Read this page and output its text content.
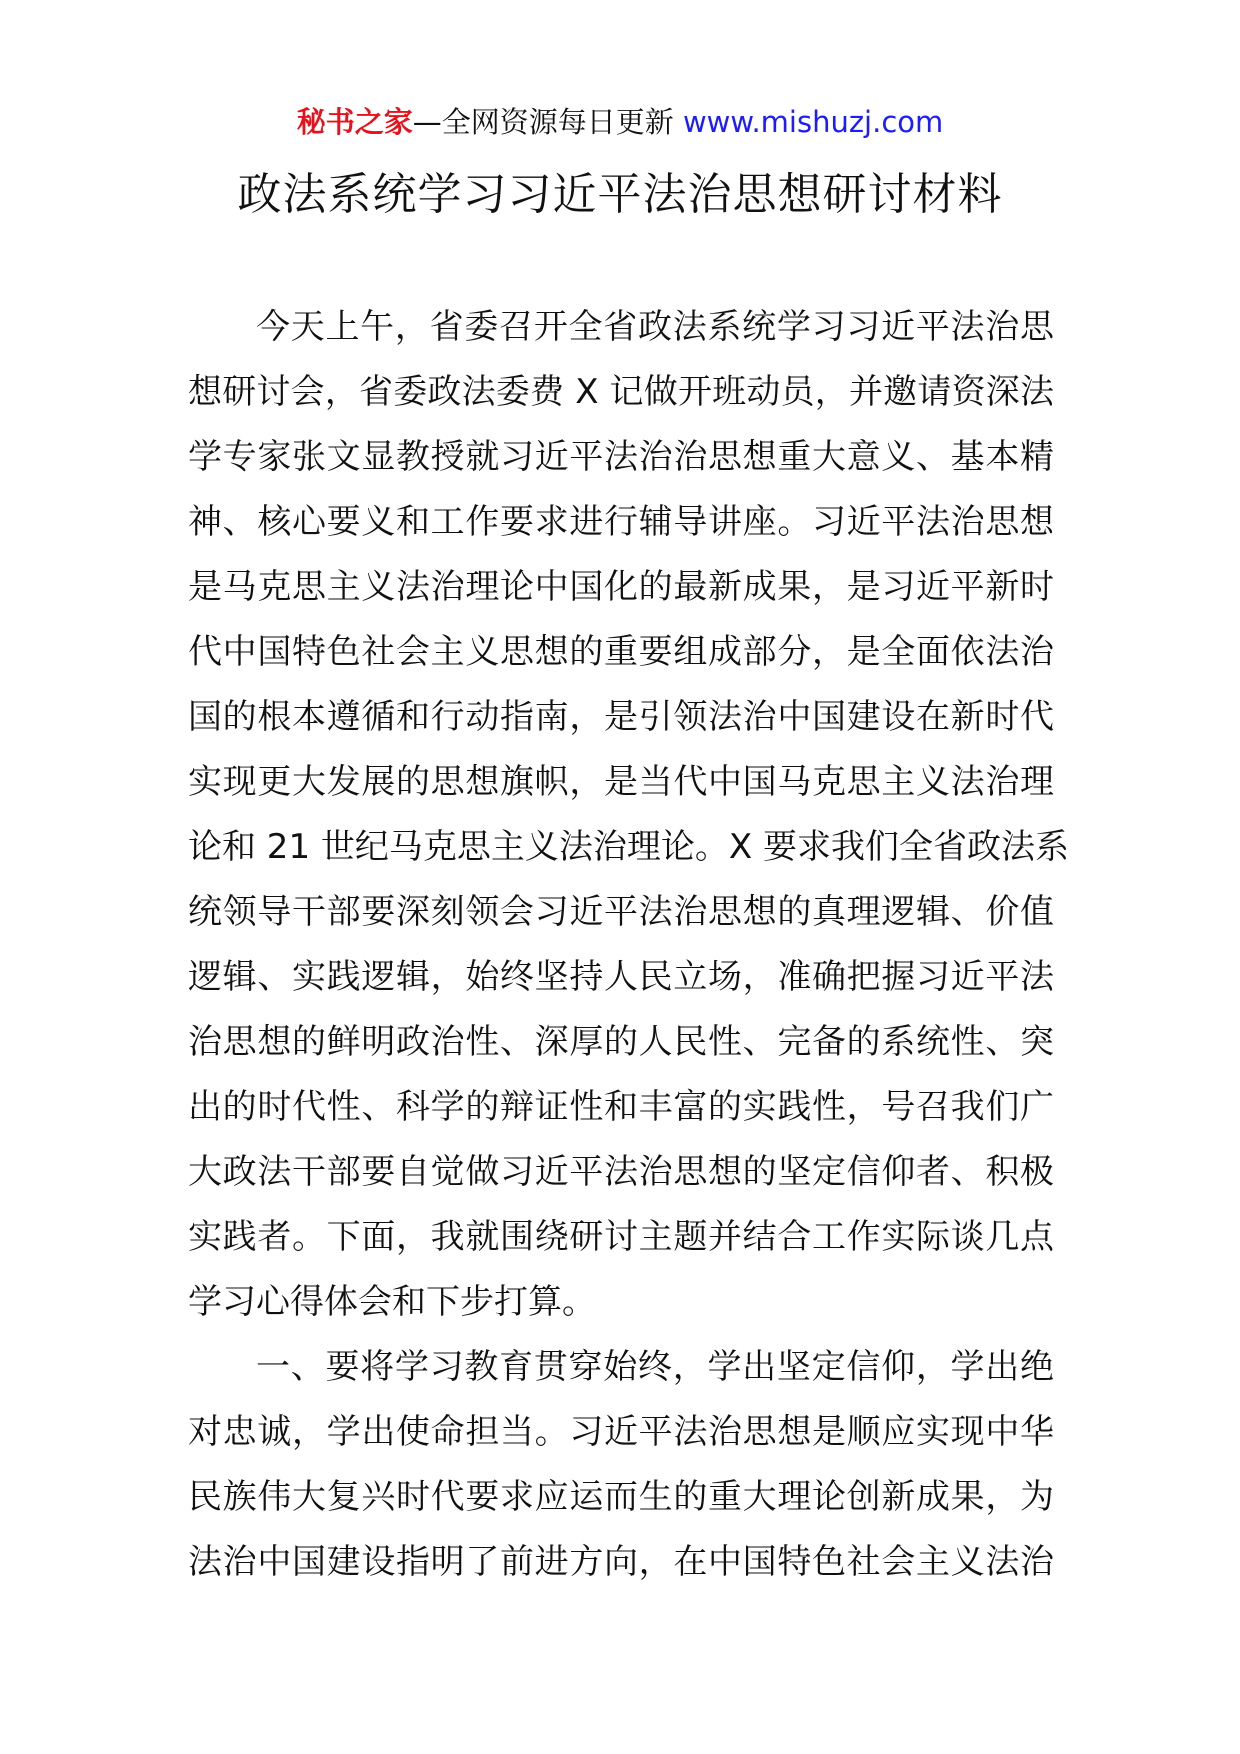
秘书之家—全网资源每日更新 www.mishuzj.com
政法系统学习习近平法治思想研讨材料
今天上午，省委召开全省政法系统学习习近平法治思
想研讨会，省委政法委费 X 记做开班动员，并邀请资深法
学专家张文显教授就习近平法治治思想重大意义、基本精
神、核心要义和工作要求进行辅导讲座。习近平法治思想
是马克思主义法治理论中国化的最新成果，是习近平新时
代中国特色社会主义思想的重要组成部分，是全面依法治
国的根本遵循和行动指南，是引领法治中国建设在新时代
实现更大发展的思想旗帜，是当代中国马克思主义法治理
论和 21 世纪马克思主义法治理论。X 要求我们全省政法系
统领导干部要深刻领会习近平法治思想的真理逻辑、价值
逻辑、实践逻辑，始终坚持人民立场，准确把握习近平法
治思想的鲜明政治性、深厚的人民性、完备的系统性、突
出的时代性、科学的辩证性和丰富的实践性，号召我们广
大政法干部要自觉做习近平法治思想的坚定信仰者、积极
实践者。下面，我就围绕研讨主题并结合工作实际谈几点
学习心得体会和下步打算。
一、要将学习教育贯穿始终，学出坚定信仰，学出绝
对忠诚，学出使命担当。习近平法治思想是顺应实现中华
民族伟大复兴时代要求应运而生的重大理论创新成果，为
法治中国建设指明了前进方向，在中国特色社会主义法治
